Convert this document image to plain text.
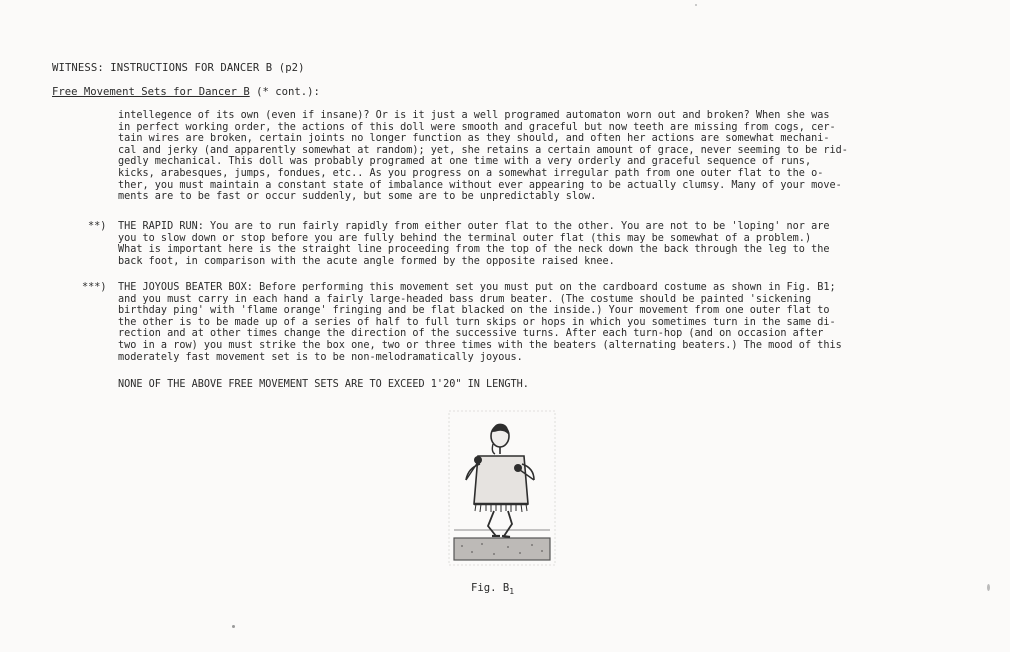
WITNESS: INSTRUCTIONS FOR DANCER B (p2)
Free Movement Sets for Dancer B (* cont.):
intellegence of its own (even if insane)? Or is it just a well programed automaton worn out and broken? When she was
in perfect working order, the actions of this doll were smooth and graceful but now teeth are missing from cogs, cer-
tain wires are broken, certain joints no longer function as they should, and often her actions are somewhat mechani-
cal and jerky (and apparently somewhat at random); yet, she retains a certain amount of grace, never seeming to be rid-
gedly mechanical. This doll was probably programed at one time with a very orderly and graceful sequence of runs,
kicks, arabesques, jumps, fondues, etc.. As you progress on a somewhat irregular path from one outer flat to the o-
ther, you must maintain a constant state of imbalance without ever appearing to be actually clumsy. Many of your move-
ments are to be fast or occur suddenly, but some are to be unpredictably slow.
**) THE RAPID RUN: You are to run fairly rapidly from either outer flat to the other. You are not to be 'loping' nor are
you to slow down or stop before you are fully behind the terminal outer flat (this may be somewhat of a problem.)
What is important here is the straight line proceeding from the top of the neck down the back through the leg to the
back foot, in comparison with the acute angle formed by the opposite raised knee.
***) THE JOYOUS BEATER BOX: Before performing this movement set you must put on the cardboard costume as shown in Fig. B1;
and you must carry in each hand a fairly large-headed bass drum beater. (The costume should be painted 'sickening
birthday ping' with 'flame orange' fringing and be flat blacked on the inside.) Your movement from one outer flat to
the other is to be made up of a series of half to full turn skips or hops in which you sometimes turn in the same di-
rection and at other times change the direction of the successive turns. After each turn-hop (and on occasion after
two in a row) you must strike the box one, two or three times with the beaters (alternating beaters.) The mood of this
moderately fast movement set is to be non-melodramatically joyous.
NONE OF THE ABOVE FREE MOVEMENT SETS ARE TO EXCEED 1'20" IN LENGTH.
Fig. $B_1$
